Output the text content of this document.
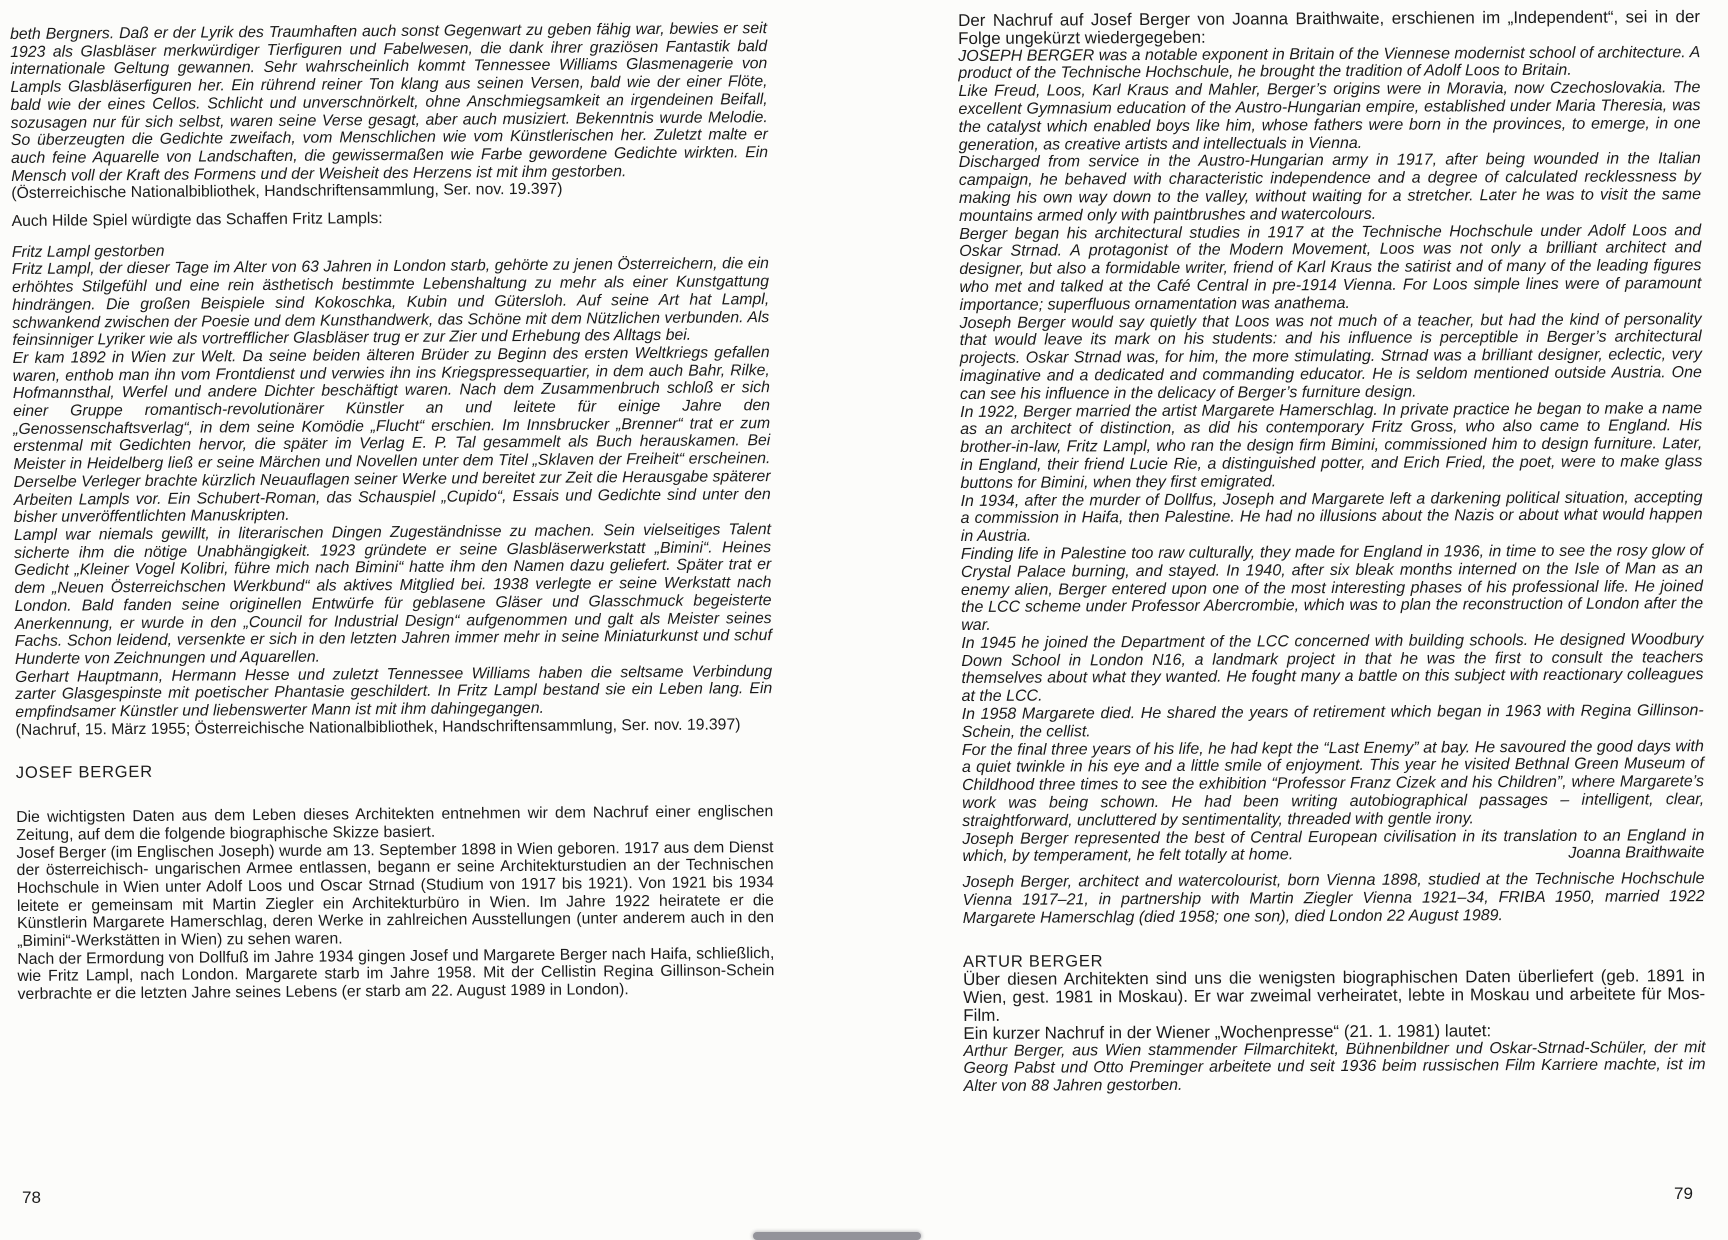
beth Bergners. Daß er der Lyrik des Traumhaften auch sonst Gegenwart zu geben fähig war, bewies er seit 1923 als Glasbläser merkwürdiger Tierfiguren und Fabelwesen, die dank ihrer graziösen Fantastik bald internationale Geltung gewannen. Sehr wahrscheinlich kommt Tennessee Williams Glasmenagerie von Lampls Glasbläserfiguren her. Ein rührend reiner Ton klang aus seinen Versen, bald wie der einer Flöte, bald wie der eines Cellos. Schlicht und unverschnörkelt, ohne Anschmiegsamkeit an irgendeinen Beifall, sozusagen nur für sich selbst, waren seine Verse gesagt, aber auch musiziert. Bekenntnis wurde Melodie. So überzeugten die Gedichte zweifach, vom Menschlichen wie vom Künstlerischen her. Zuletzt malte er auch feine Aquarelle von Landschaften, die gewissermaßen wie Farbe gewordene Gedichte wirkten. Ein Mensch voll der Kraft des Formens und der Weisheit des Herzens ist mit ihm gestorben.

(Österreichische Nationalbibliothek, Handschriftensammlung, Ser. nov. 19.397)

Auch Hilde Spiel würdigte das Schaffen Fritz Lampls:

Fritz Lampl gestorben

Fritz Lampl, der dieser Tage im Alter von 63 Jahren in London starb, gehörte zu jenen Österreichern, die ein erhöhtes Stilgefühl und eine rein ästhetisch bestimmte Lebenshaltung zu mehr als einer Kunstgattung hindrängen. Die großen Beispiele sind Kokoschka, Kubin und Gütersloh. Auf seine Art hat Lampl, schwankend zwischen der Poesie und dem Kunsthandwerk, das Schöne mit dem Nützlichen verbunden. Als feinsinniger Lyriker wie als vortrefflicher Glasbläser trug er zur Zier und Erhebung des Alltags bei.

Er kam 1892 in Wien zur Welt. Da seine beiden älteren Brüder zu Beginn des ersten Weltkriegs gefallen waren, enthob man ihn vom Frontdienst und verwies ihn ins Kriegspressequartier, in dem auch Bahr, Rilke, Hofmannsthal, Werfel und andere Dichter beschäftigt waren. Nach dem Zusammenbruch schloß er sich einer Gruppe romantisch-revolutionärer Künstler an und leitete für einige Jahre den „Genossenschaftsverlag“, in dem seine Komödie „Flucht“ erschien. Im Innsbrucker „Brenner“ trat er zum erstenmal mit Gedichten hervor, die später im Verlag E. P. Tal gesammelt als Buch herauskamen. Bei Meister in Heidelberg ließ er seine Märchen und Novellen unter dem Titel „Sklaven der Freiheit“ erscheinen. Derselbe Verleger brachte kürzlich Neuauflagen seiner Werke und bereitet zur Zeit die Herausgabe späterer Arbeiten Lampls vor. Ein Schubert-Roman, das Schauspiel „Cupido“, Essais und Gedichte sind unter den bisher unveröffentlichten Manuskripten.

Lampl war niemals gewillt, in literarischen Dingen Zugeständnisse zu machen. Sein vielseitiges Talent sicherte ihm die nötige Unabhängigkeit. 1923 gründete er seine Glasbläserwerkstatt „Bimini“. Heines Gedicht „Kleiner Vogel Kolibri, führe mich nach Bimini“ hatte ihm den Namen dazu geliefert. Später trat er dem „Neuen Österreichschen Werkbund“ als aktives Mitglied bei. 1938 verlegte er seine Werkstatt nach London. Bald fanden seine originellen Entwürfe für geblasene Gläser und Glasschmuck begeisterte Anerkennung, er wurde in den „Council for Industrial Design“ aufgenommen und galt als Meister seines Fachs. Schon leidend, versenkte er sich in den letzten Jahren immer mehr in seine Miniaturkunst und schuf Hunderte von Zeichnungen und Aquarellen.

Gerhart Hauptmann, Hermann Hesse und zuletzt Tennessee Williams haben die seltsame Verbindung zarter Glasgespinste mit poetischer Phantasie geschildert. In Fritz Lampl bestand sie ein Leben lang. Ein empfindsamer Künstler und liebenswerter Mann ist mit ihm dahingegangen.

(Nachruf, 15. März 1955; Österreichische Nationalbibliothek, Handschriftensammlung, Ser. nov. 19.397)

JOSEF BERGER

Die wichtigsten Daten aus dem Leben dieses Architekten entnehmen wir dem Nachruf einer englischen Zeitung, auf dem die folgende biographische Skizze basiert.

Josef Berger (im Englischen Joseph) wurde am 13. September 1898 in Wien geboren. 1917 aus dem Dienst der österreichisch- ungarischen Armee entlassen, begann er seine Architekturstudien an der Technischen Hochschule in Wien unter Adolf Loos und Oscar Strnad (Studium von 1917 bis 1921). Von 1921 bis 1934 leitete er gemeinsam mit Martin Ziegler ein Architekturbüro in Wien. Im Jahre 1922 heiratete er die Künstlerin Margarete Hamerschlag, deren Werke in zahlreichen Ausstellungen (unter anderem auch in den „Bimini“-Werkstätten in Wien) zu sehen waren.

Nach der Ermordung von Dollfuß im Jahre 1934 gingen Josef und Margarete Berger nach Haifa, schließlich, wie Fritz Lampl, nach London. Margarete starb im Jahre 1958. Mit der Cellistin Regina Gillinson-Schein verbrachte er die letzten Jahre seines Lebens (er starb am 22. August 1989 in London).

Der Nachruf auf Josef Berger von Joanna Braithwaite, erschienen im „Independent“, sei in der Folge ungekürzt wiedergegeben:

JOSEPH BERGER was a notable exponent in Britain of the Viennese modernist school of architecture. A product of the Technische Hochschule, he brought the tradition of Adolf Loos to Britain.

Like Freud, Loos, Karl Kraus and Mahler, Berger’s origins were in Moravia, now Czechoslovakia. The excellent Gymnasium education of the Austro-Hungarian empire, established under Maria Theresia, was the catalyst which enabled boys like him, whose fathers were born in the provinces, to emerge, in one generation, as creative artists and intellectuals in Vienna.

Discharged from service in the Austro-Hungarian army in 1917, after being wounded in the Italian campaign, he behaved with characteristic independence and a degree of calculated recklessness by making his own way down to the valley, without waiting for a stretcher. Later he was to visit the same mountains armed only with paintbrushes and watercolours.

Berger began his architectural studies in 1917 at the Technische Hochschule under Adolf Loos and Oskar Strnad. A protagonist of the Modern Movement, Loos was not only a brilliant architect and designer, but also a formidable writer, friend of Karl Kraus the satirist and of many of the leading figures who met and talked at the Café Central in pre-1914 Vienna. For Loos simple lines were of paramount importance; superfluous ornamentation was anathema.

Joseph Berger would say quietly that Loos was not much of a teacher, but had the kind of personality that would leave its mark on his students: and his influence is perceptible in Berger’s architectural projects. Oskar Strnad was, for him, the more stimulating. Strnad was a brilliant designer, eclectic, very imaginative and a dedicated and commanding educator. He is seldom mentioned outside Austria. One can see his influence in the delicacy of Berger’s furniture design.

In 1922, Berger married the artist Margarete Hamerschlag. In private practice he began to make a name as an architect of distinction, as did his contemporary Fritz Gross, who also came to England. His brother-in-law, Fritz Lampl, who ran the design firm Bimini, commissioned him to design furniture. Later, in England, their friend Lucie Rie, a distinguished potter, and Erich Fried, the poet, were to make glass buttons for Bimini, when they first emigrated.

In 1934, after the murder of Dollfus, Joseph and Margarete left a darkening political situation, accepting a commission in Haifa, then Palestine. He had no illusions about the Nazis or about what would happen in Austria.

Finding life in Palestine too raw culturally, they made for England in 1936, in time to see the rosy glow of Crystal Palace burning, and stayed. In 1940, after six bleak months interned on the Isle of Man as an enemy alien, Berger entered upon one of the most interesting phases of his professional life. He joined the LCC scheme under Professor Abercrombie, which was to plan the reconstruction of London after the war.

In 1945 he joined the Department of the LCC concerned with building schools. He designed Woodbury Down School in London N16, a landmark project in that he was the first to consult the teachers themselves about what they wanted. He fought many a battle on this subject with reactionary colleagues at the LCC.

In 1958 Margarete died. He shared the years of retirement which began in 1963 with Regina Gillinson-Schein, the cellist.

For the final three years of his life, he had kept the “Last Enemy” at bay. He savoured the good days with a quiet twinkle in his eye and a little smile of enjoyment. This year he visited Bethnal Green Museum of Childhood three times to see the exhibition “Professor Franz Cizek and his Children”, where Margarete’s work was being schown. He had been writing autobiographical passages – intelligent, clear, straightforward, uncluttered by sentimentality, threaded with gentle irony.

Joseph Berger represented the best of Central European civilisation in its translation to an England in which, by temperament, he felt totally at home.	Joanna Braithwaite

Joseph Berger, architect and watercolourist, born Vienna 1898, studied at the Technische Hochschule Vienna 1917–21, in partnership with Martin Ziegler Vienna 1921–34, FRIBA 1950, married 1922 Margarete Hamerschlag (died 1958; one son), died London 22 August 1989.

ARTUR BERGER

Über diesen Architekten sind uns die wenigsten biographischen Daten überliefert (geb. 1891 in Wien, gest. 1981 in Moskau). Er war zweimal verheiratet, lebte in Moskau und arbeitete für Mos- Film.

Ein kurzer Nachruf in der Wiener „Wochenpresse“ (21. 1. 1981) lautet:

Arthur Berger, aus Wien stammender Filmarchitekt, Bühnenbildner und Oskar-Strnad-Schüler, der mit Georg Pabst und Otto Preminger arbeitete und seit 1936 beim russischen Film Karriere machte, ist im Alter von 88 Jahren gestorben.

78	79
